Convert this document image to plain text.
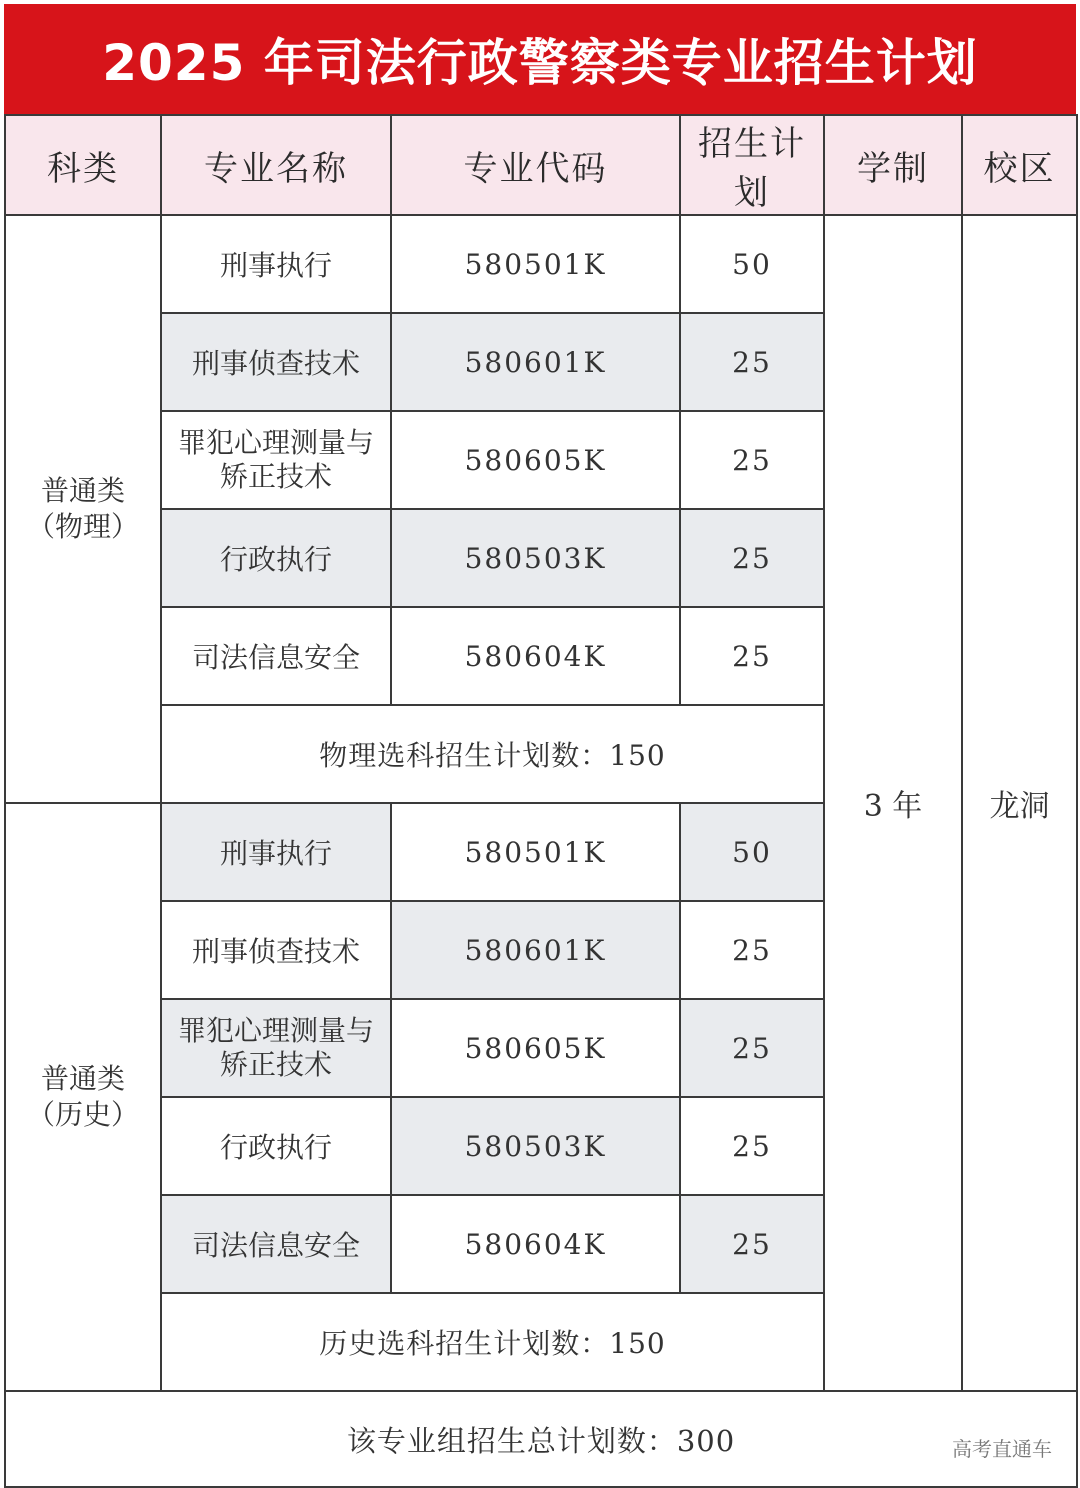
2025 年司法行政警察类专业招生计划
科类	专业名称	专业代码	招生计划	学制	校区

普通类
（物理）	刑事执行	580501K	50	3 年	龙洞
	刑事侦查技术	580601K	25		

	罪犯心理测量与
矫正技术	580605K	25		
	行政执行	580503K	25		
	司法信息安全	580604K	25		
	物理选科招生计划数：150				

普通类
（历史）	刑事执行	580501K	50		
	刑事侦查技术	580601K	25		

	罪犯心理测量与
矫正技术	580605K	25		
	行政执行	580503K	25		
	司法信息安全	580604K	25		
	历史选科招生计划数：150				
该专业组招生总计划数：300						高考直通车
